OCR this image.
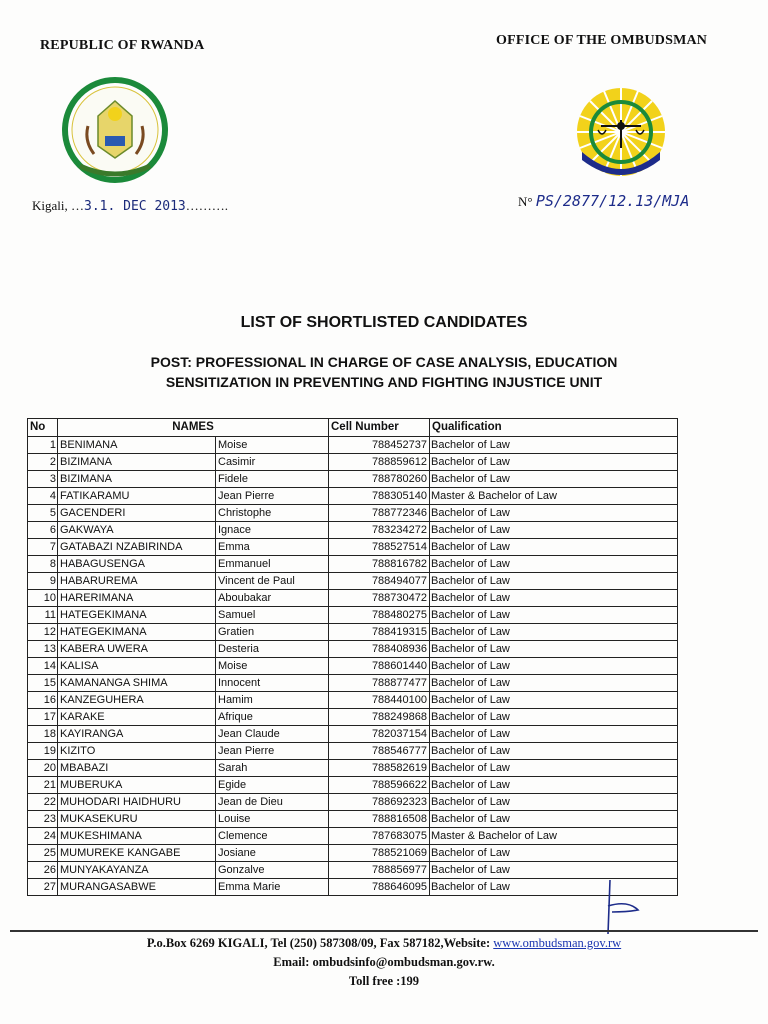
REPUBLIC OF RWANDA	OFFICE OF THE OMBUDSMAN
Kigali, …3.1. DEC 2013……….	N° PS/2877/12.13/MJA
LIST OF SHORTLISTED CANDIDATES
POST: PROFESSIONAL IN CHARGE OF CASE ANALYSIS, EDUCATION
SENSITIZATION IN PREVENTING AND FIGHTING INJUSTICE UNIT
No	NAMES		Cell Number	Qualification
1	BENIMANA	Moise	788452737	Bachelor of Law
2	BIZIMANA	Casimir	788859612	Bachelor of Law
3	BIZIMANA	Fidele	788780260	Bachelor of Law
4	FATIKARAMU	Jean Pierre	788305140	Master & Bachelor of Law
5	GACENDERI	Christophe	788772346	Bachelor of Law
6	GAKWAYA	Ignace	783234272	Bachelor of Law
7	GATABAZI NZABIRINDA	Emma	788527514	Bachelor of Law
8	HABAGUSENGA	Emmanuel	788816782	Bachelor of Law
9	HABARUREMA	Vincent de Paul	788494077	Bachelor of Law
10	HARERIMANA	Aboubakar	788730472	Bachelor of Law
11	HATEGEKIMANA	Samuel	788480275	Bachelor of Law
12	HATEGEKIMANA	Gratien	788419315	Bachelor of Law
13	KABERA UWERA	Desteria	788408936	Bachelor of Law
14	KALISA	Moise	788601440	Bachelor of Law
15	KAMANANGA SHIMA	Innocent	788877477	Bachelor of Law
16	KANZEGUHERA	Hamim	788440100	Bachelor of Law
17	KARAKE	Afrique	788249868	Bachelor of Law
18	KAYIRANGA	Jean Claude	782037154	Bachelor of Law
19	KIZITO	Jean Pierre	788546777	Bachelor of Law
20	MBABAZI	Sarah	788582619	Bachelor of Law
21	MUBERUKA	Egide	788596622	Bachelor of Law
22	MUHODARI HAIDHURU	Jean de Dieu	788692323	Bachelor of Law
23	MUKASEKURU	Louise	788816508	Bachelor of Law
24	MUKESHIMANA	Clemence	787683075	Master & Bachelor of Law
25	MUMUREKE KANGABE	Josiane	788521069	Bachelor of Law
26	MUNYAKAYANZA	Gonzalve	788856977	Bachelor of Law
27	MURANGASABWE	Emma Marie	788646095	Bachelor of Law
P.o.Box 6269 KIGALI, Tel (250) 587308/09, Fax 587182,Website: www.ombudsman.gov.rw
Email: ombudsinfo@ombudsman.gov.rw.
Toll free :199
